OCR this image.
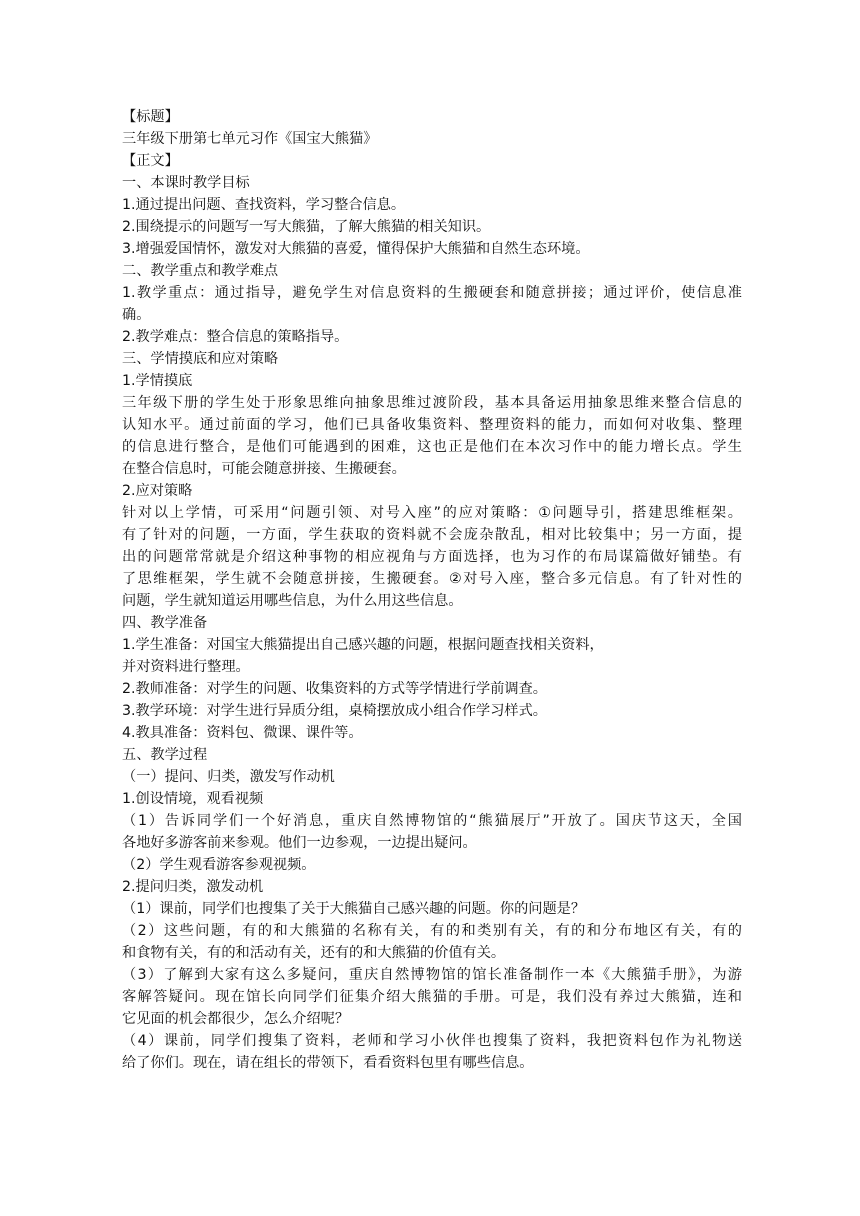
【标题】
三年级下册第七单元习作《国宝大熊猫》
【正文】
一、本课时教学目标
1.通过提出问题、查找资料，学习整合信息。
2.围绕提示的问题写一写大熊猫，了解大熊猫的相关知识。
3.增强爱国情怀，激发对大熊猫的喜爱，懂得保护大熊猫和自然生态环境。
二、教学重点和教学难点
1.教学重点：通过指导，避免学生对信息资料的生搬硬套和随意拼接；通过评价，使信息准
确。
2.教学难点：整合信息的策略指导。
三、学情摸底和应对策略
1.学情摸底
三年级下册的学生处于形象思维向抽象思维过渡阶段，基本具备运用抽象思维来整合信息的
认知水平。通过前面的学习，他们已具备收集资料、整理资料的能力，而如何对收集、整理
的信息进行整合，是他们可能遇到的困难，这也正是他们在本次习作中的能力增长点。学生
在整合信息时，可能会随意拼接、生搬硬套。
2.应对策略
针对以上学情，可采用“问题引领、对号入座”的应对策略：①问题导引，搭建思维框架。
有了针对的问题，一方面，学生获取的资料就不会庞杂散乱，相对比较集中；另一方面，提
出的问题常常就是介绍这种事物的相应视角与方面选择，也为习作的布局谋篇做好铺垫。有
了思维框架，学生就不会随意拼接，生搬硬套。②对号入座，整合多元信息。有了针对性的
问题，学生就知道运用哪些信息，为什么用这些信息。
四、教学准备
1.学生准备：对国宝大熊猫提出自己感兴趣的问题，根据问题查找相关资料，
并对资料进行整理。
2.教师准备：对学生的问题、收集资料的方式等学情进行学前调查。
3.教学环境：对学生进行异质分组，桌椅摆放成小组合作学习样式。
4.教具准备：资料包、微课、课件等。
五、教学过程
（一）提问、归类，激发写作动机
1.创设情境，观看视频
（1）告诉同学们一个好消息，重庆自然博物馆的“熊猫展厅”开放了。国庆节这天，全国
各地好多游客前来参观。他们一边参观，一边提出疑问。
（2）学生观看游客参观视频。
2.提问归类，激发动机
（1）课前，同学们也搜集了关于大熊猫自己感兴趣的问题。你的问题是？
（2）这些问题，有的和大熊猫的名称有关，有的和类别有关，有的和分布地区有关，有的
和食物有关，有的和活动有关，还有的和大熊猫的价值有关。
（3）了解到大家有这么多疑问，重庆自然博物馆的馆长准备制作一本《大熊猫手册》，为游
客解答疑问。现在馆长向同学们征集介绍大熊猫的手册。可是，我们没有养过大熊猫，连和
它见面的机会都很少，怎么介绍呢？
（4）课前，同学们搜集了资料，老师和学习小伙伴也搜集了资料，我把资料包作为礼物送
给了你们。现在，请在组长的带领下，看看资料包里有哪些信息。
